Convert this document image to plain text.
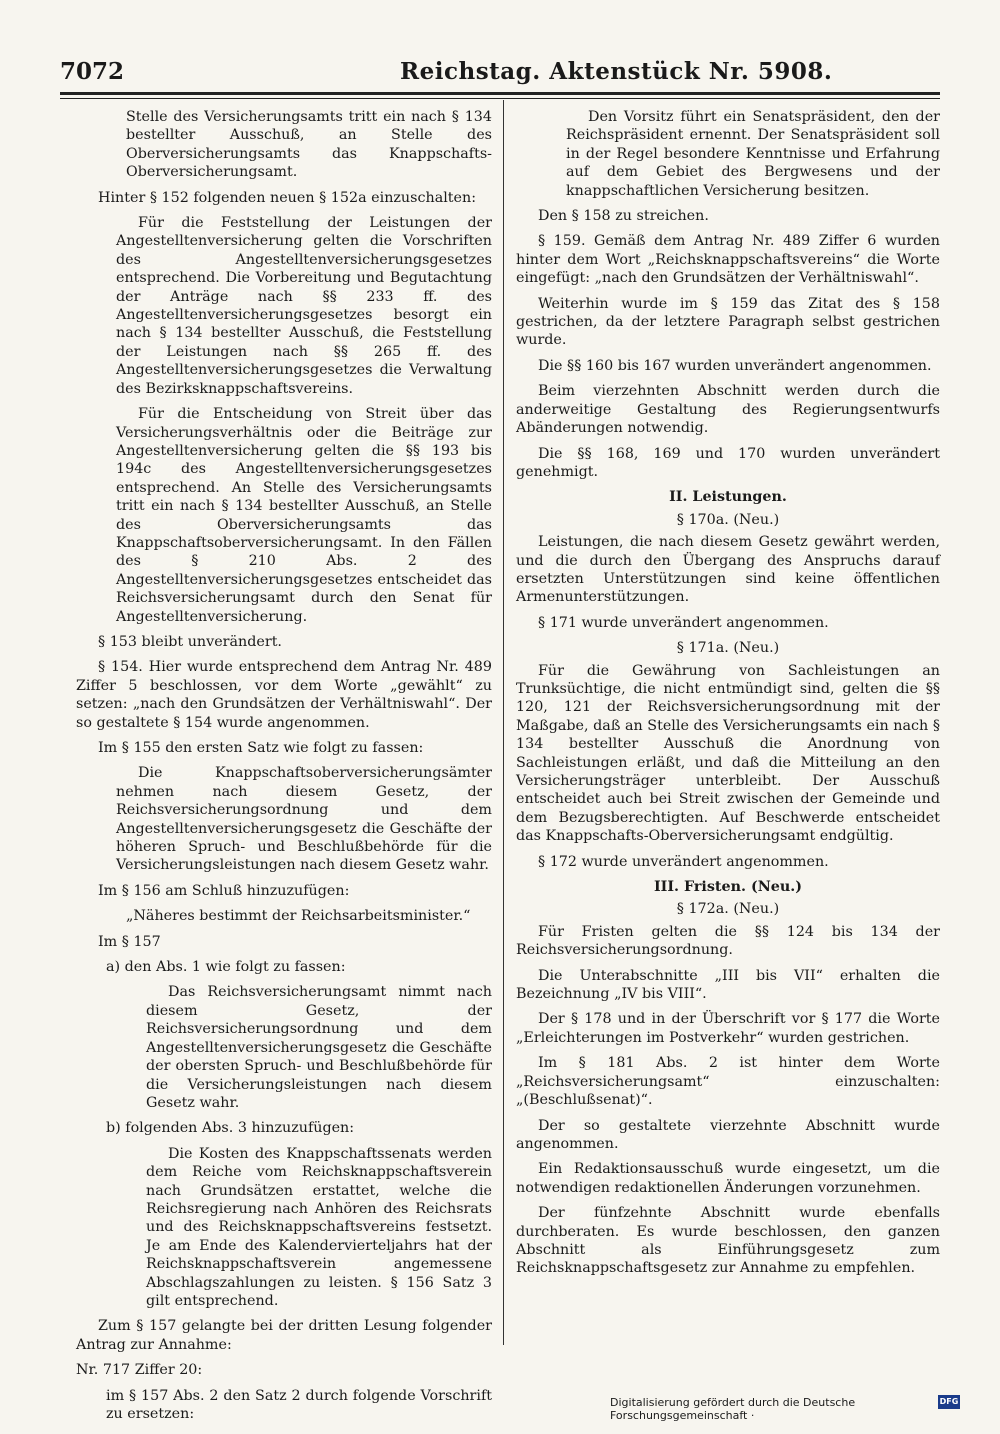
7072	Reichstag. Aktenstück Nr. 5908.

Stelle des Versicherungsamts tritt ein nach § 134 bestellter Ausschuß, an Stelle des Oberversicherungsamts das Knappschafts-Oberversicherungsamt.

Hinter § 152 folgenden neuen § 152a einzuschalten:

Für die Feststellung der Leistungen der Angestelltenversicherung gelten die Vorschriften des Angestelltenversicherungsgesetzes entsprechend. Die Vorbereitung und Begutachtung der Anträge nach §§ 233 ff. des Angestelltenversicherungsgesetzes besorgt ein nach § 134 bestellter Ausschuß, die Feststellung der Leistungen nach §§ 265 ff. des Angestelltenversicherungsgesetzes die Verwaltung des Bezirksknappschaftsvereins.

Für die Entscheidung von Streit über das Versicherungsverhältnis oder die Beiträge zur Angestelltenversicherung gelten die §§ 193 bis 194c des Angestelltenversicherungsgesetzes entsprechend. An Stelle des Versicherungsamts tritt ein nach § 134 bestellter Ausschuß, an Stelle des Oberversicherungsamts das Knappschaftsoberversicherungsamt. In den Fällen des § 210 Abs. 2 des Angestelltenversicherungsgesetzes entscheidet das Reichsversicherungsamt durch den Senat für Angestelltenversicherung.

§ 153 bleibt unverändert.

§ 154. Hier wurde entsprechend dem Antrag Nr. 489 Ziffer 5 beschlossen, vor dem Worte „gewählt“ zu setzen: „nach den Grundsätzen der Verhältniswahl“. Der so gestaltete § 154 wurde angenommen.

Im § 155 den ersten Satz wie folgt zu fassen:

Die Knappschaftsoberversicherungsämter nehmen nach diesem Gesetz, der Reichsversicherungsordnung und dem Angestelltenversicherungsgesetz die Geschäfte der höheren Spruch- und Beschlußbehörde für die Versicherungsleistungen nach diesem Gesetz wahr.

Im § 156 am Schluß hinzuzufügen:

„Näheres bestimmt der Reichsarbeitsminister.“

Im § 157

a) den Abs. 1 wie folgt zu fassen:

Das Reichsversicherungsamt nimmt nach diesem Gesetz, der Reichsversicherungsordnung und dem Angestelltenversicherungsgesetz die Geschäfte der obersten Spruch- und Beschlußbehörde für die Versicherungsleistungen nach diesem Gesetz wahr.

b) folgenden Abs. 3 hinzuzufügen:

Die Kosten des Knappschaftssenats werden dem Reiche vom Reichsknappschaftsverein nach Grundsätzen erstattet, welche die Reichsregierung nach Anhören des Reichsrats und des Reichsknappschaftsvereins festsetzt. Je am Ende des Kalendervierteljahrs hat der Reichsknappschaftsverein angemessene Abschlagszahlungen zu leisten. § 156 Satz 3 gilt entsprechend.

Zum § 157 gelangte bei der dritten Lesung folgender Antrag zur Annahme:

Nr. 717 Ziffer 20:

im § 157 Abs. 2 den Satz 2 durch folgende Vorschrift zu ersetzen:

Den Vorsitz führt ein Senatspräsident, den der Reichspräsident ernennt. Der Senatspräsident soll in der Regel besondere Kenntnisse und Erfahrung auf dem Gebiet des Bergwesens und der knappschaftlichen Versicherung besitzen.

Den § 158 zu streichen.

§ 159. Gemäß dem Antrag Nr. 489 Ziffer 6 wurden hinter dem Wort „Reichsknappschaftsvereins“ die Worte eingefügt: „nach den Grundsätzen der Verhältniswahl“.

Weiterhin wurde im § 159 das Zitat des § 158 gestrichen, da der letztere Paragraph selbst gestrichen wurde.

Die §§ 160 bis 167 wurden unverändert angenommen.

Beim vierzehnten Abschnitt werden durch die anderweitige Gestaltung des Regierungsentwurfs Abänderungen notwendig.

Die §§ 168, 169 und 170 wurden unverändert genehmigt.

II. Leistungen.

§ 170a. (Neu.)

Leistungen, die nach diesem Gesetz gewährt werden, und die durch den Übergang des Anspruchs darauf ersetzten Unterstützungen sind keine öffentlichen Armenunterstützungen.

§ 171 wurde unverändert angenommen.

§ 171a. (Neu.)

Für die Gewährung von Sachleistungen an Trunksüchtige, die nicht entmündigt sind, gelten die §§ 120, 121 der Reichsversicherungsordnung mit der Maßgabe, daß an Stelle des Versicherungsamts ein nach § 134 bestellter Ausschuß die Anordnung von Sachleistungen erläßt, und daß die Mitteilung an den Versicherungsträger unterbleibt. Der Ausschuß entscheidet auch bei Streit zwischen der Gemeinde und dem Bezugsberechtigten. Auf Beschwerde entscheidet das Knappschafts-Oberversicherungsamt endgültig.

§ 172 wurde unverändert angenommen.

III. Fristen. (Neu.)

§ 172a. (Neu.)

Für Fristen gelten die §§ 124 bis 134 der Reichsversicherungsordnung.

Die Unterabschnitte „III bis VII“ erhalten die Bezeichnung „IV bis VIII“.

Der § 178 und in der Überschrift vor § 177 die Worte „Erleichterungen im Postverkehr“ wurden gestrichen.

Im § 181 Abs. 2 ist hinter dem Worte „Reichsversicherungsamt“ einzuschalten: „(Beschlußsenat)“.

Der so gestaltete vierzehnte Abschnitt wurde angenommen.

Ein Redaktionsausschuß wurde eingesetzt, um die notwendigen redaktionellen Änderungen vorzunehmen.

Der fünfzehnte Abschnitt wurde ebenfalls durchberaten. Es wurde beschlossen, den ganzen Abschnitt als Einführungsgesetz zum Reichsknappschaftsgesetz zur Annahme zu empfehlen.

Digitalisierung gefördert durch die Deutsche Forschungsgemeinschaft ·
DFG
